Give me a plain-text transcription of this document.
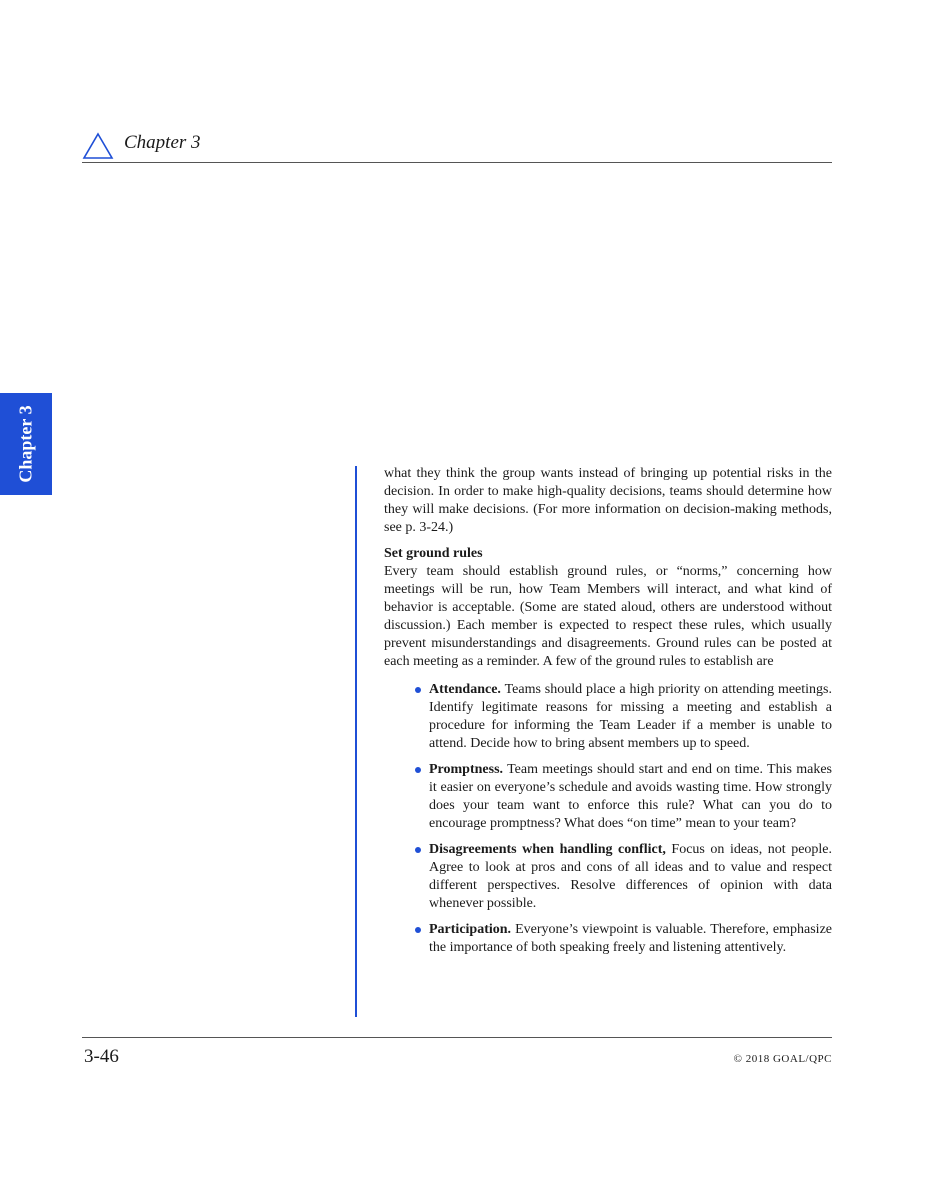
Chapter 3
Chapter 3	what they think the group wants instead of bringing up potential risks in the decision. In order to make high-quality decisions, teams should determine how they will make decisions. (For more information on decision-making methods, see p. 3-24.)

Set ground rules

Every team should establish ground rules, or “norms,” concerning how meetings will be run, how Team Members will interact, and what kind of behavior is acceptable. (Some are stated aloud, others are understood without discussion.) Each member is expected to respect these rules, which usually prevent misunderstandings and disagreements. Ground rules can be posted at each meeting as a reminder. A few of the ground rules to establish are

Attendance. Teams should place a high priority on attending meetings. Identify legitimate reasons for missing a meeting and establish a procedure for informing the Team Leader if a member is unable to attend. Decide how to bring absent members up to speed.
Promptness. Team meetings should start and end on time. This makes it easier on everyone’s schedule and avoids wasting time. How strongly does your team want to enforce this rule? What can you do to encourage promptness? What does “on time” mean to your team?
Disagreements when handling conflict, Focus on ideas, not people. Agree to look at pros and cons of all ideas and to value and respect different perspectives. Resolve differences of opinion with data whenever possible.
Participation. Everyone’s viewpoint is valuable. Therefore, emphasize the importance of both speaking freely and listening attentively.
3-46	© 2018 GOAL/QPC
